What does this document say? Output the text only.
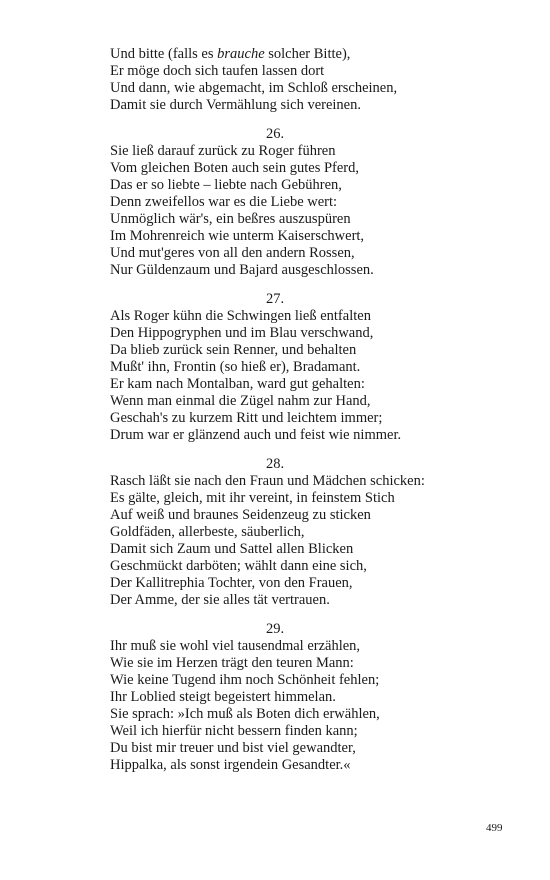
Und bitte (falls es brauche solcher Bitte),
Er möge doch sich taufen lassen dort
Und dann, wie abgemacht, im Schloß erscheinen,
Damit sie durch Vermählung sich vereinen.
26.
Sie ließ darauf zurück zu Roger führen
Vom gleichen Boten auch sein gutes Pferd,
Das er so liebte – liebte nach Gebühren,
Denn zweifellos war es die Liebe wert:
Unmöglich wär's, ein beßres auszuspüren
Im Mohrenreich wie unterm Kaiserschwert,
Und mut'geres von all den andern Rossen,
Nur Güldenzaum und Bajard ausgeschlossen.
27.
Als Roger kühn die Schwingen ließ entfalten
Den Hippogryphen und im Blau verschwand,
Da blieb zurück sein Renner, und behalten
Mußt' ihn, Frontin (so hieß er), Bradamant.
Er kam nach Montalban, ward gut gehalten:
Wenn man einmal die Zügel nahm zur Hand,
Geschah's zu kurzem Ritt und leichtem immer;
Drum war er glänzend auch und feist wie nimmer.
28.
Rasch läßt sie nach den Fraun und Mädchen schicken:
Es gälte, gleich, mit ihr vereint, in feinstem Stich
Auf weiß und braunes Seidenzeug zu sticken
Goldfäden, allerbeste, säuberlich,
Damit sich Zaum und Sattel allen Blicken
Geschmückt darböten; wählt dann eine sich,
Der Kallitrephia Tochter, von den Frauen,
Der Amme, der sie alles tät vertrauen.
29.
Ihr muß sie wohl viel tausendmal erzählen,
Wie sie im Herzen trägt den teuren Mann:
Wie keine Tugend ihm noch Schönheit fehlen;
Ihr Loblied steigt begeistert himmelan.
Sie sprach: »Ich muß als Boten dich erwählen,
Weil ich hierfür nicht bessern finden kann;
Du bist mir treuer und bist viel gewandter,
Hippalka, als sonst irgendein Gesandter.«
499
